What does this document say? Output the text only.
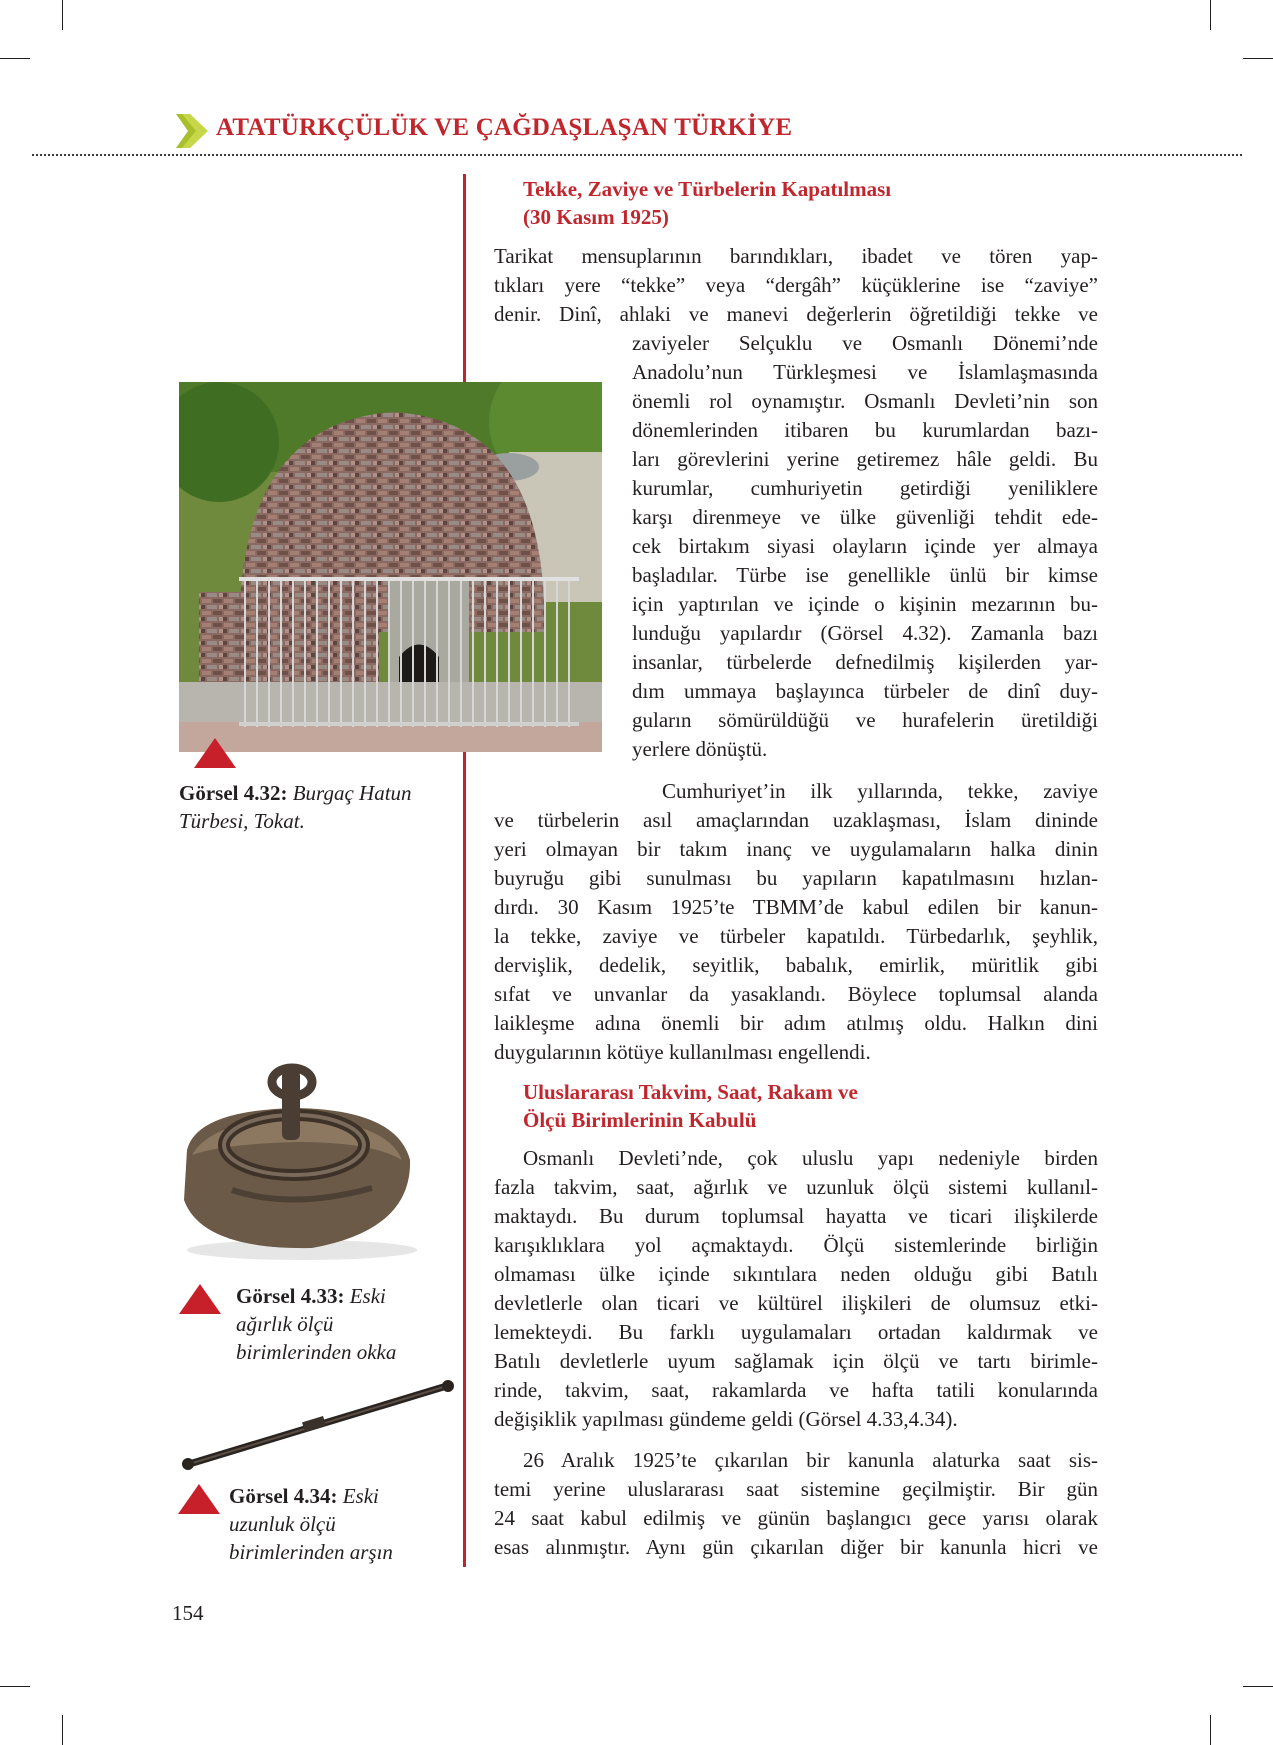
ATATÜRKÇÜLÜK VE ÇAĞDAŞLAŞAN TÜRKİYE
Tekke, Zaviye ve Türbelerin Kapatılması
(30 Kasım 1925)

Tarikat mensuplarının barındıkları, ibadet ve tören yap-

tıkları yere “tekke” veya “dergâh” küçüklerine ise “zaviye”

denir. Dinî, ahlaki ve manevi değerlerin öğretildiği tekke ve

zaviyeler Selçuklu ve Osmanlı Dönemi’nde

Anadolu’nun Türkleşmesi ve İslamlaşmasında

önemli rol oynamıştır. Osmanlı Devleti’nin son

dönemlerinden itibaren bu kurumlardan bazı-

ları görevlerini yerine getiremez hâle geldi. Bu

kurumlar, cumhuriyetin getirdiği yeniliklere

karşı direnmeye ve ülke güvenliği tehdit ede-

cek birtakım siyasi olayların içinde yer almaya

başladılar. Türbe ise genellikle ünlü bir kimse

için yaptırılan ve içinde o kişinin mezarının bu-

lunduğu yapılardır (Görsel 4.32). Zamanla bazı

insanlar, türbelerde defnedilmiş kişilerden yar-

dım ummaya başlayınca türbeler de dinî duy-

guların sömürüldüğü ve hurafelerin üretildiği

yerlere dönüştü.

Cumhuriyet’in ilk yıllarında, tekke, zaviye

ve türbelerin asıl amaçlarından uzaklaşması, İslam dininde

yeri olmayan bir takım inanç ve uygulamaların halka dinin

buyruğu gibi sunulması bu yapıların kapatılmasını hızlan-

dırdı. 30 Kasım 1925’te TBMM’de kabul edilen bir kanun-

la tekke, zaviye ve türbeler kapatıldı. Türbedarlık, şeyhlik,

dervişlik, dedelik, seyitlik, babalık, emirlik, müritlik gibi

sıfat ve unvanlar da yasaklandı. Böylece toplumsal alanda

laikleşme adına önemli bir adım atılmış oldu. Halkın dini

duygularının kötüye kullanılması engellendi.

Uluslararası Takvim, Saat, Rakam ve
Ölçü Birimlerinin Kabulü

Osmanlı Devleti’nde, çok uluslu yapı nedeniyle birden

fazla takvim, saat, ağırlık ve uzunluk ölçü sistemi kullanıl-

maktaydı. Bu durum toplumsal hayatta ve ticari ilişkilerde

karışıklıklara yol açmaktaydı. Ölçü sistemlerinde birliğin

olmaması ülke içinde sıkıntılara neden olduğu gibi Batılı

devletlerle olan ticari ve kültürel ilişkileri de olumsuz etki-

lemekteydi. Bu farklı uygulamaları ortadan kaldırmak ve

Batılı devletlerle uyum sağlamak için ölçü ve tartı birimle-

rinde, takvim, saat, rakamlarda ve hafta tatili konularında

değişiklik yapılması gündeme geldi (Görsel 4.33,4.34).

26 Aralık 1925’te çıkarılan bir kanunla alaturka saat sis-

temi yerine uluslararası saat sistemine geçilmiştir. Bir gün

24 saat kabul edilmiş ve günün başlangıcı gece yarısı olarak

esas alınmıştır. Aynı gün çıkarılan diğer bir kanunla hicri ve

Görsel 4.32: Burgaç Hatun
Türbesi, Tokat.

Görsel 4.33: Eski
ağırlık ölçü
birimlerinden okka

Görsel 4.34: Eski
uzunluk ölçü
birimlerinden arşın

154
